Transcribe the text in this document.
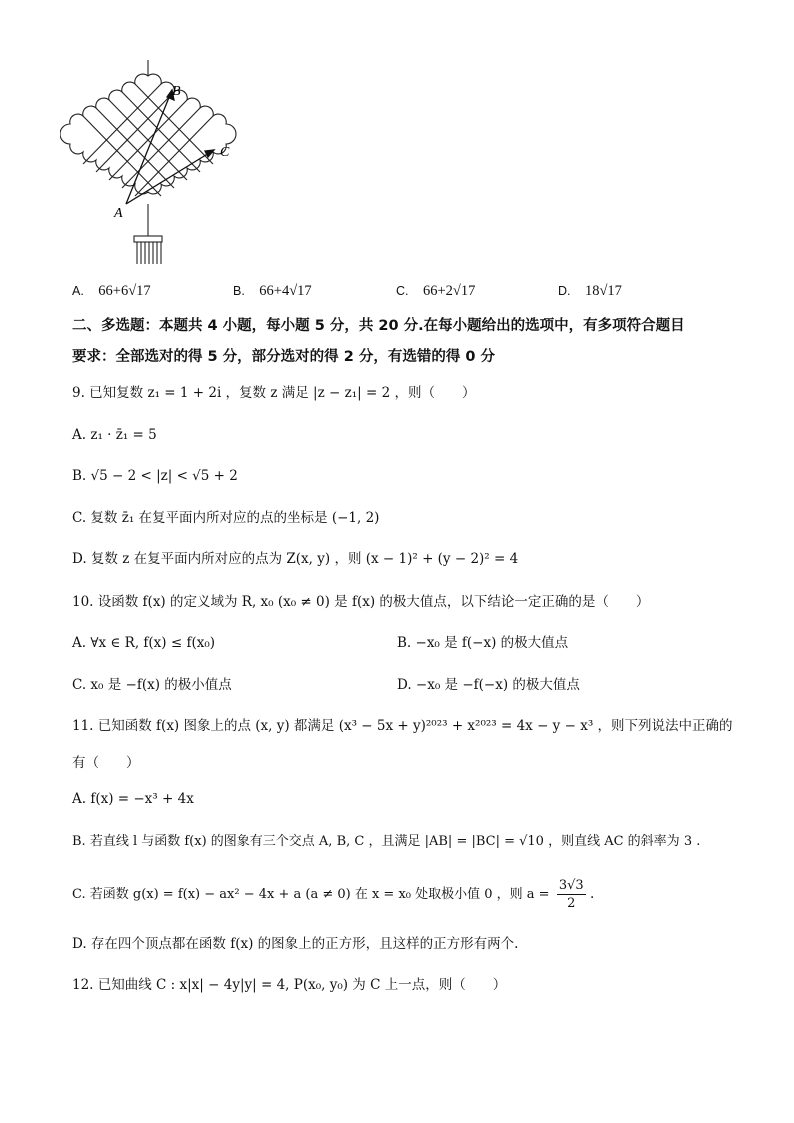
A
B
C
A. 66+6√17	B. 66+4√17	C. 66+2√17	D. 18√17
二、多选题：本题共 4 小题，每小题 5 分，共 20 分.在每小题给出的选项中，有多项符合题目
要求：全部选对的得 5 分，部分选对的得 2 分，有选错的得 0 分
9. 已知复数 z₁ = 1 + 2i ，复数 z 满足 |z − z₁| = 2 ，则（　　）
A. z₁ · z̄₁ = 5
B. √5 − 2 < |z| < √5 + 2
C. 复数 z̄₁ 在复平面内所对应的点的坐标是 (−1, 2)
D. 复数 z 在复平面内所对应的点为 Z(x, y) ，则 (x − 1)² + (y − 2)² = 4
10. 设函数 f(x) 的定义域为 R, x₀ (x₀ ≠ 0) 是 f(x) 的极大值点，以下结论一定正确的是（　　）
A. ∀x ∈ R, f(x) ≤ f(x₀)	B. −x₀ 是 f(−x) 的极大值点
C. x₀ 是 −f(x) 的极小值点	D. −x₀ 是 −f(−x) 的极大值点
11. 已知函数 f(x) 图象上的点 (x, y) 都满足 (x³ − 5x + y)²⁰²³ + x²⁰²³ = 4x − y − x³ ，则下列说法中正确的
有（　　）
A. f(x) = −x³ + 4x
B. 若直线 l 与函数 f(x) 的图象有三个交点 A, B, C ，且满足 |AB| = |BC| = √10 ，则直线 AC 的斜率为 3 .
C. 若函数 g(x) = f(x) − ax² − 4x + a (a ≠ 0) 在 x = x₀ 处取极小值 0 ，则 $a = \frac{3√3}{2}$ .
D. 存在四个顶点都在函数 f(x) 的图象上的正方形，且这样的正方形有两个.
12. 已知曲线 C : x|x| − 4y|y| = 4, P(x₀, y₀) 为 C 上一点，则（　　）
